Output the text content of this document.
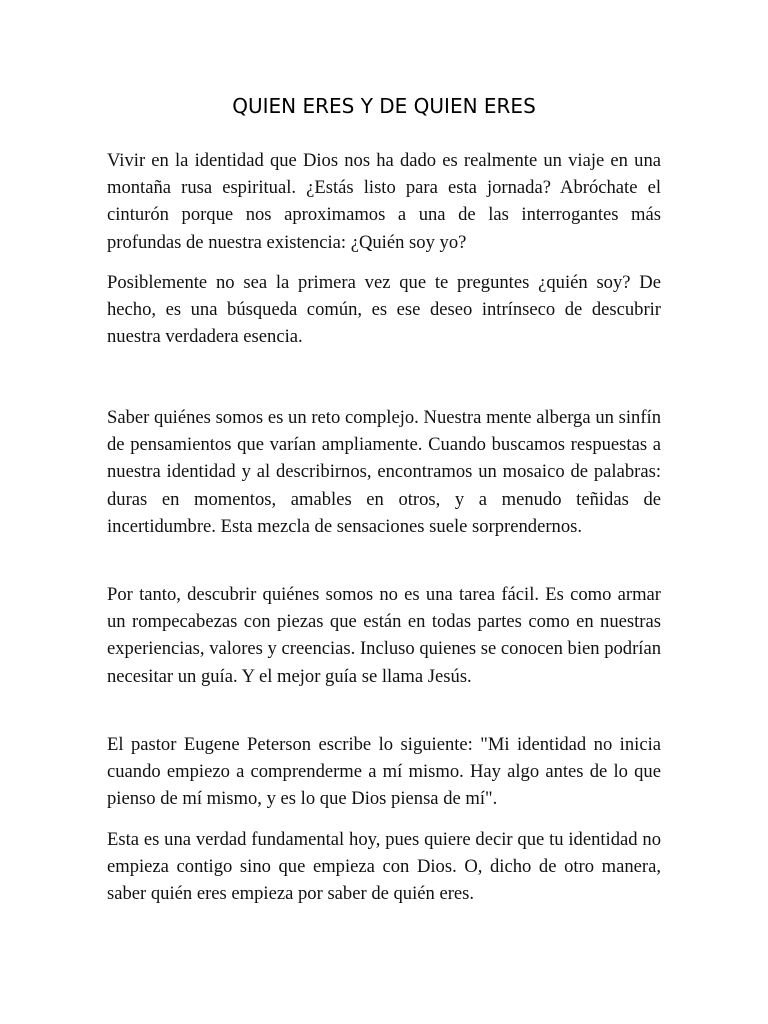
QUIEN ERES Y DE QUIEN ERES

Vivir en la identidad que Dios nos ha dado es realmente un viaje en una montaña rusa espiritual. ¿Estás listo para esta jornada? Abróchate el cinturón porque nos aproximamos a una de las interrogantes más profundas de nuestra existencia: ¿Quién soy yo?

Posiblemente no sea la primera vez que te preguntes ¿quién soy? De hecho, es una búsqueda común, es ese deseo intrínseco de descubrir nuestra verdadera esencia.

Saber quiénes somos es un reto complejo. Nuestra mente alberga un sinfín de pensamientos que varían ampliamente. Cuando buscamos respuestas a nuestra identidad y al describirnos, encontramos un mosaico de palabras: duras en momentos, amables en otros, y a menudo teñidas de incertidumbre. Esta mezcla de sensaciones suele sorprendernos.

Por tanto, descubrir quiénes somos no es una tarea fácil. Es como armar un rompecabezas con piezas que están en todas partes como en nuestras experiencias, valores y creencias. Incluso quienes se conocen bien podrían necesitar un guía. Y el mejor guía se llama Jesús.

El pastor Eugene Peterson escribe lo siguiente: "Mi identidad no inicia cuando empiezo a comprenderme a mí mismo. Hay algo antes de lo que pienso de mí mismo, y es lo que Dios piensa de mí".

Esta es una verdad fundamental hoy, pues quiere decir que tu identidad no empieza contigo sino que empieza con Dios. O, dicho de otro manera, saber quién eres empieza por saber de quién eres.
